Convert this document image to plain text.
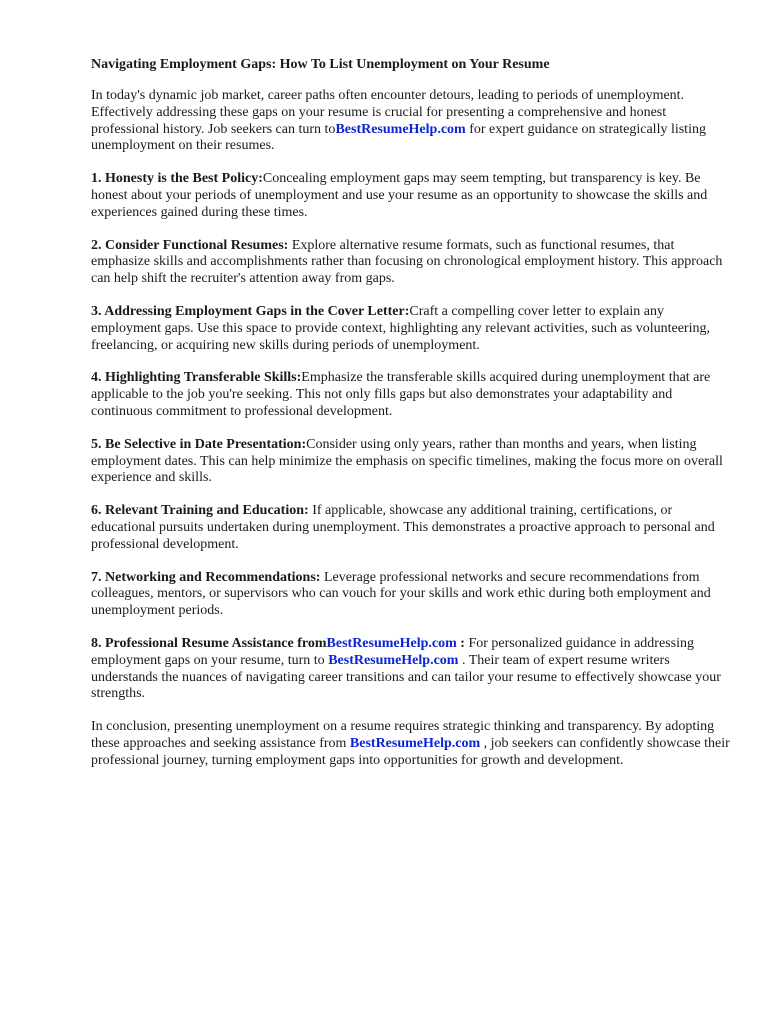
Navigating Employment Gaps: How To List Unemployment on Your Resume

In today's dynamic job market, career paths often encounter detours, leading to periods of unemployment. Effectively addressing these gaps on your resume is crucial for presenting a comprehensive and honest professional history. Job seekers can turn toBestResumeHelp.com for expert guidance on strategically listing unemployment on their resumes.

1. Honesty is the Best Policy:Concealing employment gaps may seem tempting, but transparency is key. Be honest about your periods of unemployment and use your resume as an opportunity to showcase the skills and experiences gained during these times.

2. Consider Functional Resumes: Explore alternative resume formats, such as functional resumes, that emphasize skills and accomplishments rather than focusing on chronological employment history. This approach can help shift the recruiter's attention away from gaps.

3. Addressing Employment Gaps in the Cover Letter:Craft a compelling cover letter to explain any employment gaps. Use this space to provide context, highlighting any relevant activities, such as volunteering, freelancing, or acquiring new skills during periods of unemployment.

4. Highlighting Transferable Skills:Emphasize the transferable skills acquired during unemployment that are applicable to the job you're seeking. This not only fills gaps but also demonstrates your adaptability and continuous commitment to professional development.

5. Be Selective in Date Presentation:Consider using only years, rather than months and years, when listing employment dates. This can help minimize the emphasis on specific timelines, making the focus more on overall experience and skills.

6. Relevant Training and Education: If applicable, showcase any additional training, certifications, or educational pursuits undertaken during unemployment. This demonstrates a proactive approach to personal and professional development.

7. Networking and Recommendations: Leverage professional networks and secure recommendations from colleagues, mentors, or supervisors who can vouch for your skills and work ethic during both employment and unemployment periods.

8. Professional Resume Assistance fromBestResumeHelp.com : For personalized guidance in addressing employment gaps on your resume, turn to BestResumeHelp.com . Their team of expert resume writers understands the nuances of navigating career transitions and can tailor your resume to effectively showcase your strengths.

In conclusion, presenting unemployment on a resume requires strategic thinking and transparency. By adopting these approaches and seeking assistance from BestResumeHelp.com , job seekers can confidently showcase their professional journey, turning employment gaps into opportunities for growth and development.
